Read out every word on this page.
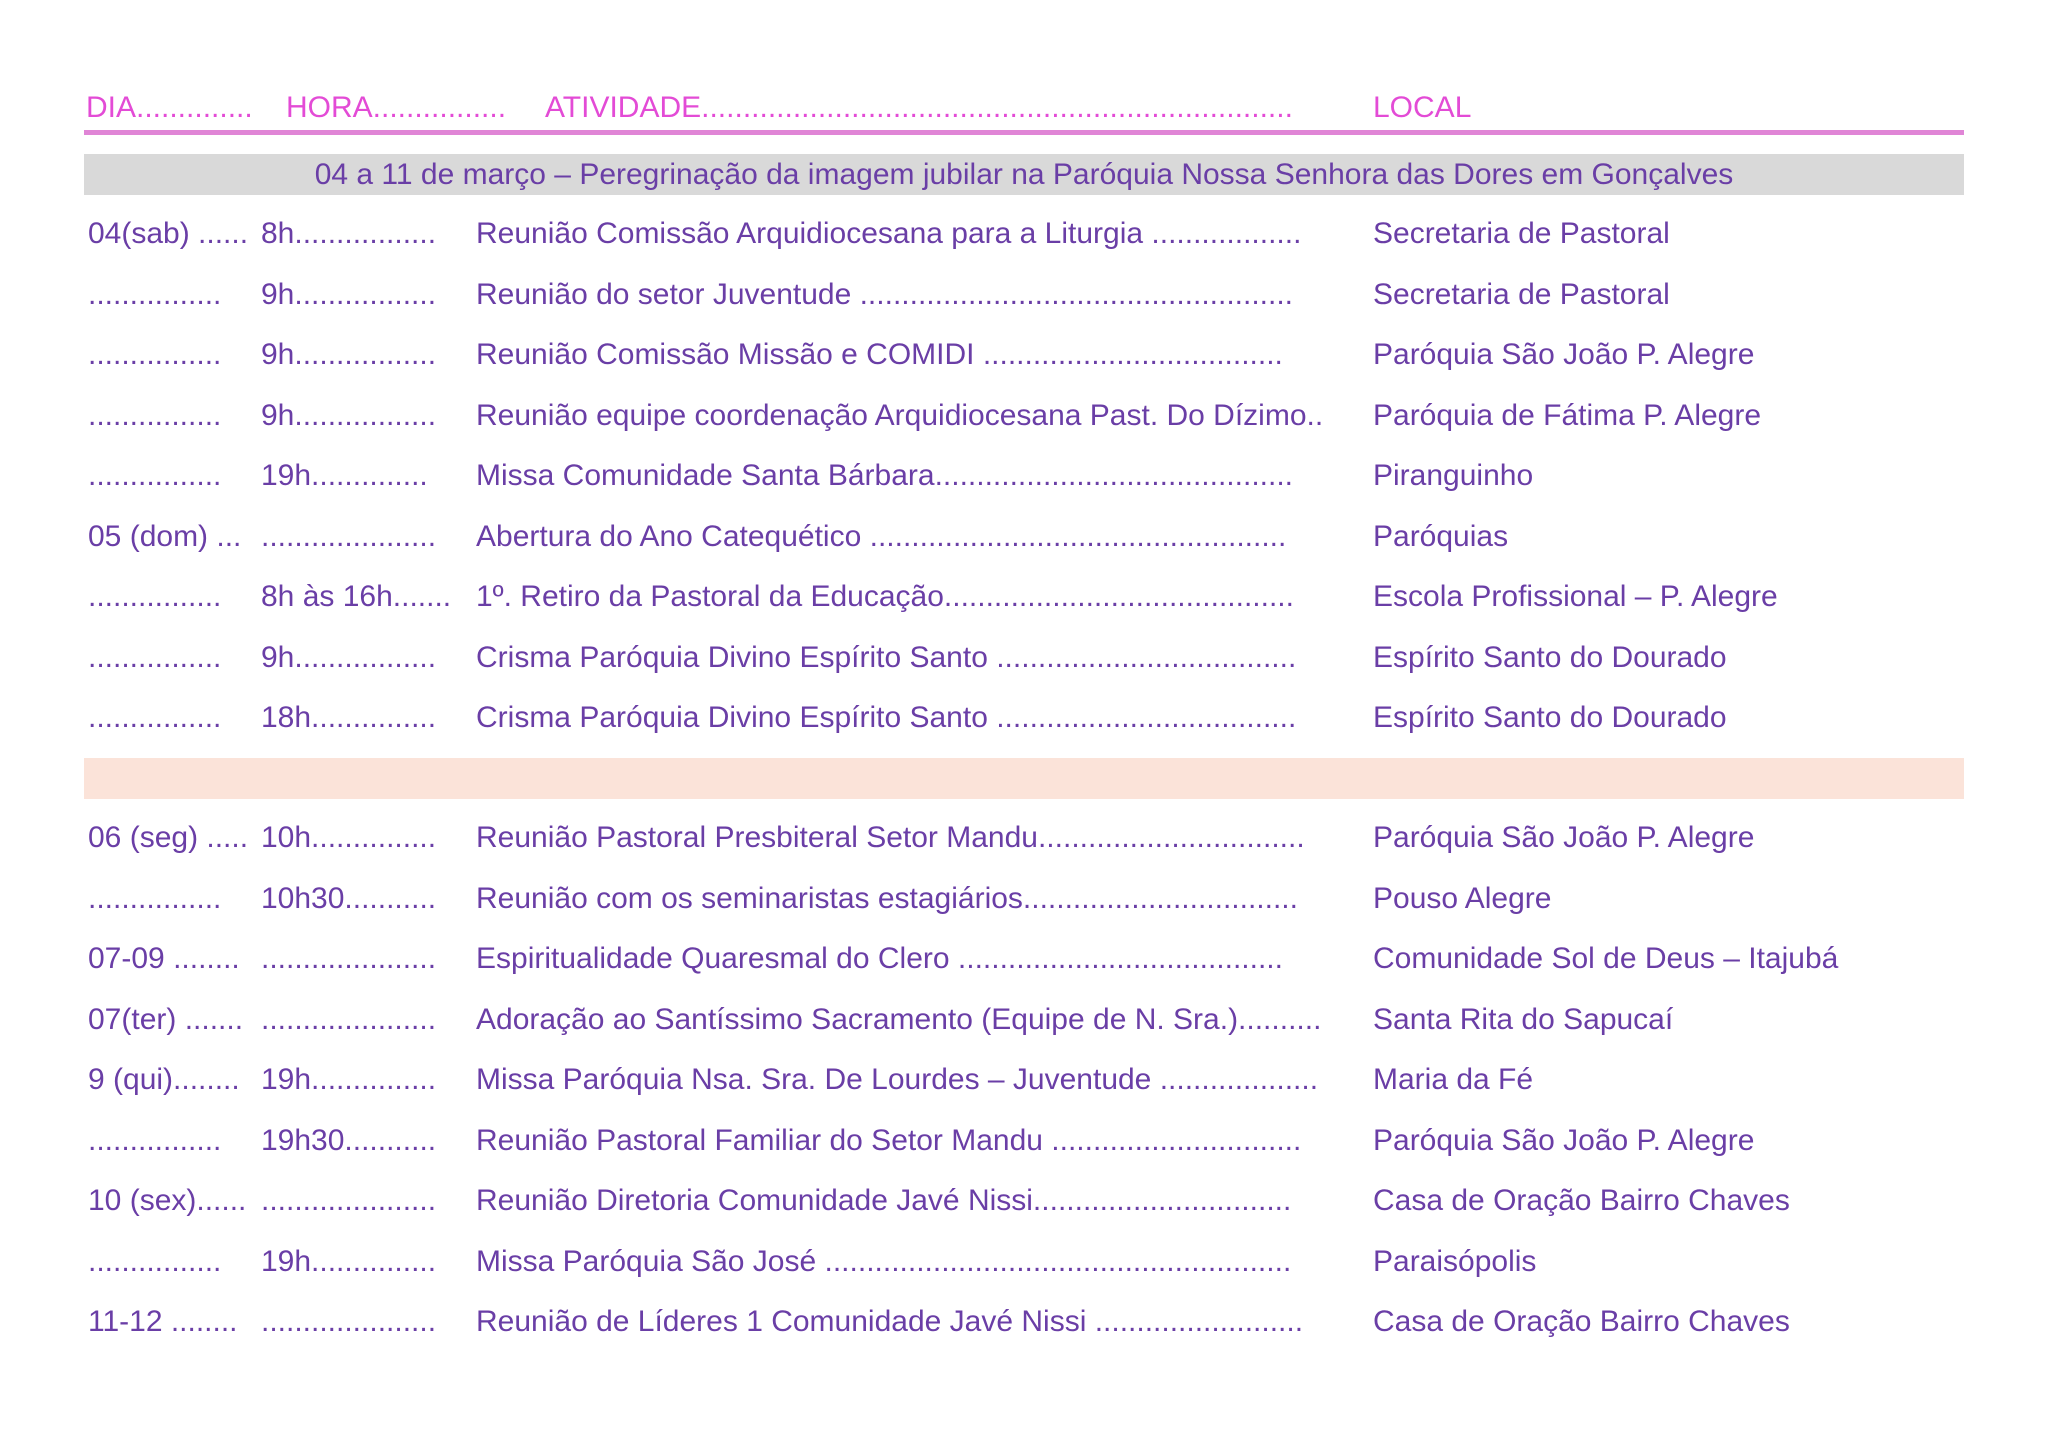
DIA.............. HORA................ ATIVIDADE.......................................................................	LOCAL
04 a 11 de março – Peregrinação da imagem jubilar na Paróquia Nossa Senhora das Dores em Gonçalves
04(sab) ...... 8h.................	Reunião Comissão Arquidiocesana para a Liturgia ..................	Secretaria de Pastoral
................	9h.................	Reunião do setor Juventude ....................................................	Secretaria de Pastoral
................	9h.................	Reunião Comissão Missão e COMIDI ....................................	Paróquia São João P. Alegre
................	9h.................	Reunião equipe coordenação Arquidiocesana Past. Do Dízimo..	Paróquia de Fátima P. Alegre
................	19h..............	Missa Comunidade Santa Bárbara...........................................	Piranguinho
05 (dom) ... .....................	Abertura do Ano Catequético ..................................................	Paróquias
................	8h às 16h....... 1º. Retiro da Pastoral da Educação..........................................	Escola Profissional – P. Alegre
................	9h.................	Crisma Paróquia Divino Espírito Santo ....................................	Espírito Santo do Dourado
................	18h...............	Crisma Paróquia Divino Espírito Santo ....................................	Espírito Santo do Dourado
06 (seg) ..... 10h...............	Reunião Pastoral Presbiteral Setor Mandu................................	Paróquia São João P. Alegre
................	10h30...........	Reunião com os seminaristas estagiários.................................	Pouso Alegre
07-09 ........ .....................	Espiritualidade Quaresmal do Clero .......................................	Comunidade Sol de Deus – Itajubá
07(ter) ....... .....................	Adoração ao Santíssimo Sacramento (Equipe de N. Sra.)..........	Santa Rita do Sapucaí
9 (qui)........ 19h...............	Missa Paróquia Nsa. Sra. De Lourdes – Juventude ...................	Maria da Fé
................	19h30...........	Reunião Pastoral Familiar do Setor Mandu ..............................	Paróquia São João P. Alegre
10 (sex)...... .....................	Reunião Diretoria Comunidade Javé Nissi...............................	Casa de Oração Bairro Chaves
................	19h...............	Missa Paróquia São José ........................................................	Paraisópolis
11-12 ........ .....................	Reunião de Líderes 1 Comunidade Javé Nissi .........................	Casa de Oração Bairro Chaves
